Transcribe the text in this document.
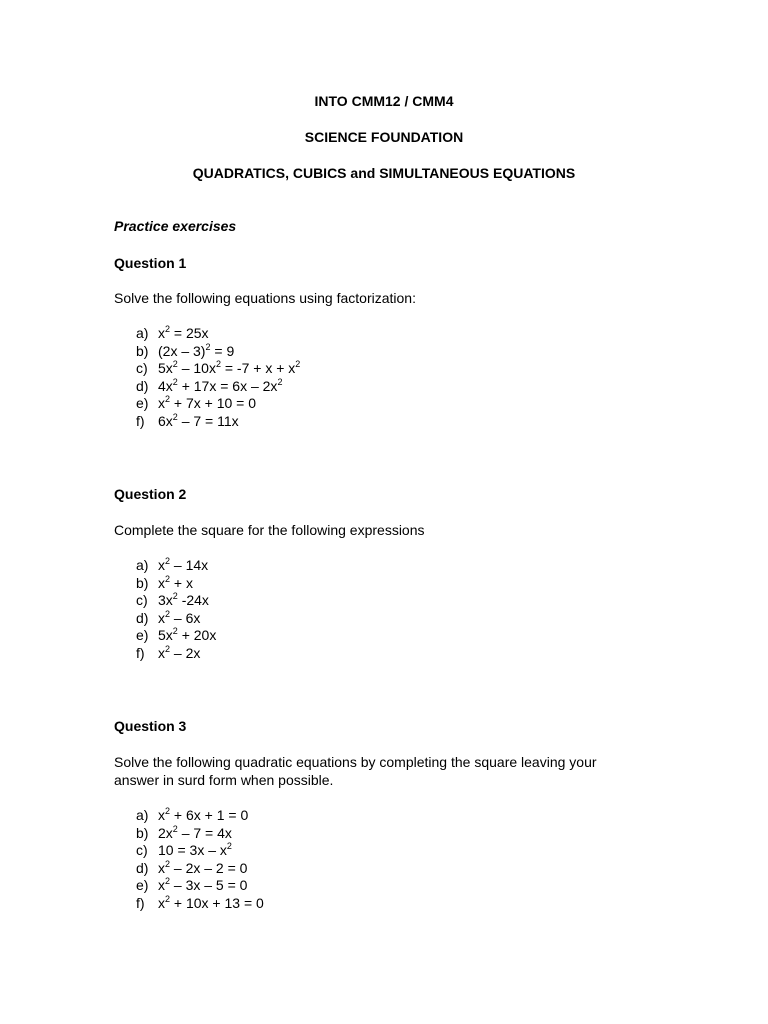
INTO CMM12 / CMM4
SCIENCE FOUNDATION
QUADRATICS, CUBICS and SIMULTANEOUS EQUATIONS
Practice exercises
Question 1
Solve the following equations using factorization:
a) $x^2 = 25x$
b) (2x – 3)$^2$ = 9
c) $5x^2 - 10x^2 = -7 + x + x^2$
d) $4x^2 + 17x = 6x - 2x^2$
e) $x^2 + 7x + 10 = 0$
f) $6x^2 - 7 = 11x$
Question 2
Complete the square for the following expressions
a) $x^2 - 14x$
b) $x^2 + x$
c) $3x^2$ -24x
d) $x^2 - 6x$
e) $5x^2 + 20x$
f) $x^2 - 2x$
Question 3
Solve the following quadratic equations by completing the square leaving your
answer in surd form when possible.
a) $x^2 + 6x + 1 = 0$
b) $2x^2 - 7 = 4x$
c) $10 = 3x - x^2$
d) $x^2 - 2x - 2 = 0$
e) $x^2 - 3x - 5 = 0$
f) $x^2 + 10x + 13 = 0$
